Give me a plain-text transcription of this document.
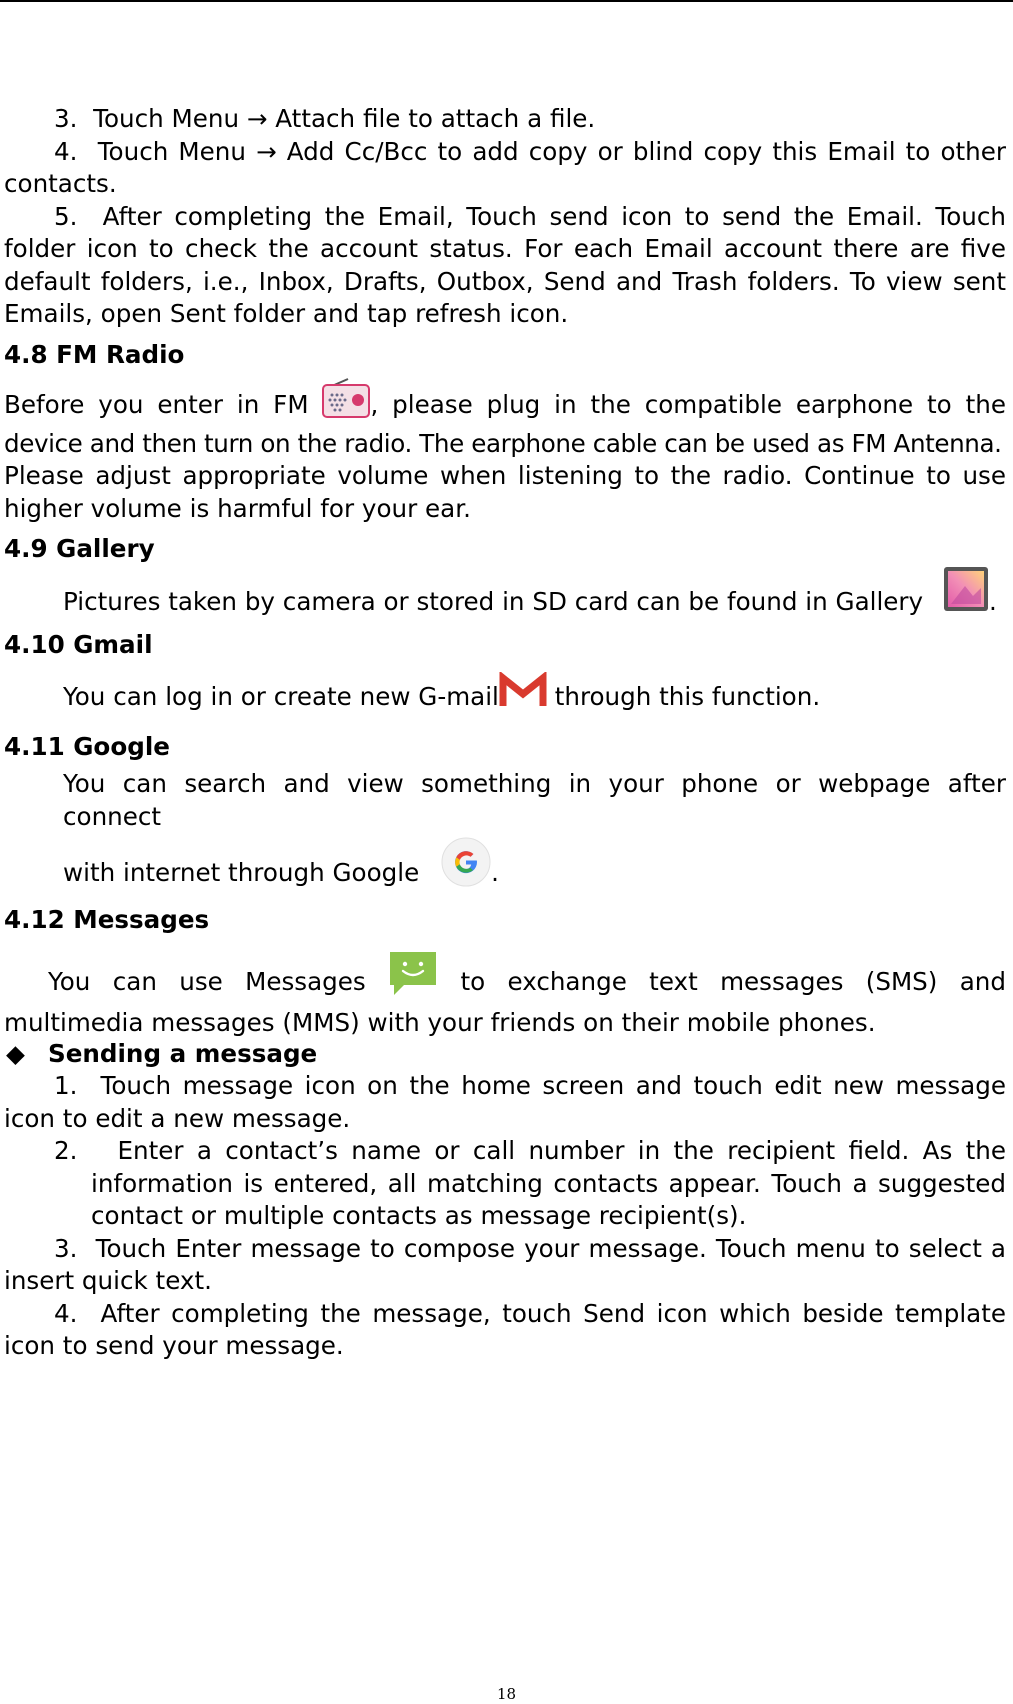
3. Touch Menu → Attach file to attach a file.

4. Touch Menu → Add Cc/Bcc to add copy or blind copy this Email to other contacts.

5. After completing the Email, Touch send icon to send the Email. Touch folder icon to check the account status. For each Email account there are five default folders, i.e., Inbox, Drafts, Outbox, Send and Trash folders. To view sent Emails, open Sent folder and tap refresh icon.

4.8 FM Radio

Before you enter in FM	, please plug in the compatible earphone to the

device and then turn on the radio. The earphone cable can be used as FM Antenna.

Please adjust appropriate volume when listening to the radio. Continue to use higher volume is harmful for your ear.

4.9 Gallery

Pictures taken by camera or stored in SD card can be found in Gallery	.

4.10 Gmail

You can log in or create new G-mail through this function.

4.11 Google

You can search and view something in your phone or webpage after connect

with internet through Google	.

4.12 Messages

You can use Messages	to exchange text messages (SMS) and

multimedia messages (MMS) with your friends on their mobile phones.

◆ Sending a message

1. Touch message icon on the home screen and touch edit new message icon to edit a new message.

2. Enter a contact’s name or call number in the recipient field. As the information is entered, all matching contacts appear. Touch a suggested contact or multiple contacts as message recipient(s).

3. Touch Enter message to compose your message. Touch menu to select a insert quick text.

4. After completing the message, touch Send icon which beside template icon to send your message.

18
